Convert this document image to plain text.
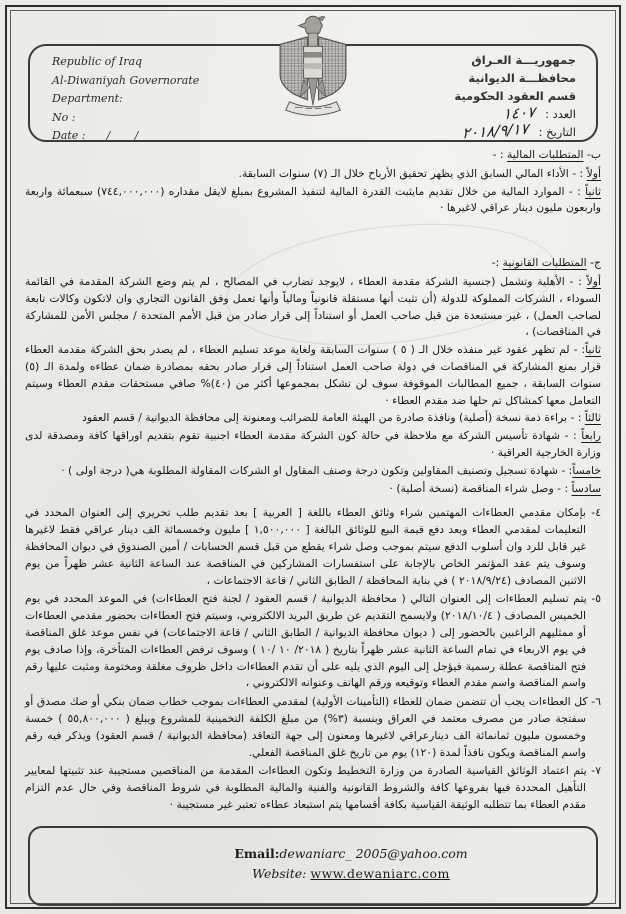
Republic of Iraq
Al-Diwaniyah Governorate
Department:
No :
Date :      /       /
جمهوريـــة العـراق
محافظـــة الديوانية
قسم العقود الحكومية
العدد : ١٤٠٧
التاريخ : ٢٠١٨/٩/١٧

ب- المتطلبات المالية : -

أولاً : - الأداء المالي السابق الذي يظهر تحقيق الأرباح خلال الـ (٧) سنوات السابقة.

ثانياً : - الموارد المالية من خلال تقديم مايثبت القدرة المالية لتنفيذ المشروع بمبلغ لايقل مقداره (٧٤٤,٠٠٠,٠٠٠) سبعمائة واربعة واربعون مليون دينار عراقي لاغيرها ·

ج- المتطلبات القانونية :-

أولاً : - الأهلية وتشمل (جنسية الشركة مقدمة العطاء ، لايوجد تضارب في المصالح ، لم يتم وضع الشركة المقدمة في القائمة السوداء ، الشركات المملوكة للدولة (أن تثبت أنها مستقلة قانونياً ومالياً وأنها تعمل وفق القانون التجاري وان لاتكون وكالات تابعة لصاحب العمل) ، غير مستبعدة من قبل صاحب العمل أو استناداً إلى قرار صادر من قبل الأمم المتحدة / مجلس الأمن للمشاركة في المناقصات) ،

ثانياً: - لم تظهر عقود غير منفذه خلال الـ ( ٥ ) سنوات السابقة ولغاية موعد تسليم العطاء ، لم يصدر بحق الشركة مقدمة العطاء قرار بمنع المشاركة في المناقصات في دولة صاحب العمل استناداً إلى قرار صادر بحقه بمصادرة ضمان عطاءه ولمدة الـ (٥) سنوات السابقة ، جميع المطالبات الموقوفة سوف لن تشكل بمجموعها أكثر من (٤٠)% صافي مستحقات مقدم العطاء وسيتم التعامل معها كمشاكل تم حلها ضد مقدم العطاء ·

ثالثاً : - براءة ذمة نسخة (أصلية) ونافذة صادرة من الهيئة العامة للضرائب ومعنونة إلى محافظة الديوانية / قسم العقود

رابعاً : - شهادة تأسيس الشركة مع ملاحظة في حالة كون الشركة مقدمة العطاء اجنبية تقوم بتقديم اوراقها كافة ومصدقة لدى وزارة الخارجية العراقية ·

خامساً: - شهادة تسجيل وتصنيف المقاولين وتكون درجة وصنف المقاول او الشركات المقاولة المطلوبة هي( درجة اولى ) ·

سادساً : - وصل شراء المناقصة (نسخة أصلية) ·

٤- بإمكان مقدمي العطاءات المهتمين شراء وثائق العطاء باللغة [ العربية ] بعد تقديم طلب تحريري إلى العنوان المحدد في التعليمات لمقدمي العطاء وبعد دفع قيمة البيع للوثائق البالغة [ ١,٥٠٠,٠٠٠ ] مليون وخمسمائة الف دينار عراقي فقط لاغيرها غير قابل للرد وان أسلوب الدفع سيتم بموجب وصل شراء يقطع من قبل قسم الحسابات / أمين الصندوق في ديوان المحافظة وسوف يتم عقد المؤتمر الخاص بالإجابة على استفسارات المشاركين في المناقصة عند الساعة الثانية عشر ظهراً من يوم الاثنين المصادف (٢٠١٨/٩/٢٤ ) في بناية المحافظة / الطابق الثاني / قاعة الاجتماعات ،

٥- يتم تسليم العطاءات إلى العنوان التالي ( محافظة الديوانية / قسم العقود / لجنة فتح العطاءات) في الموعد المحدد في يوم الخميس المصادف ( ٢٠١٨/١٠/٤) ولايسمح التقديم عن طريق البريد الالكتروني، وسيتم فتح العطاءات بحضور مقدمي العطاءات أو ممثليهم الراغبين بالحضور إلى ( ديوان محافظة الديوانية / الطابق الثاني / قاعة الاجتماعات) في نفس موعد غلق المناقصة في يوم الاربعاء في تمام الساعة الثانية عشر ظهراً بتاريخ ( ٢٠١٨/ ١٠ /١٠ ) وسوف ترفض العطاءات المتأخرة، وإذا صادف يوم فتح المناقصة عطلة رسمية فيؤجل إلى اليوم الذي يليه على أن تقدم العطاءات داخل ظروف مغلقة ومختومة ومثبت عليها رقم واسم المناقصة واسم مقدم العطاء وتوقيعه ورقم الهاتف وعنوانه الالكتروني ،

٦- كل العطاءات يجب أن تتضمن ضمان للعطاء (التأمينات الأولية) لمقدمي العطاءات بموجب خطاب ضمان بنكي أو صك مصدق أو سفتجة صادر من مصرف معتمد في العراق وبنسبة (٣%) من مبلغ الكلفة التخمينية للمشروع ويبلغ ( ٥٥,٨٠٠,٠٠٠ ) خمسة وخمسون مليون ثمانمائة الف دينارعراقي لاغيرها ومعنون إلى جهة التعاقد (محافظة الديوانية / قسم العقود) ويذكر فيه رقم واسم المناقصة ويكون نافذاً لمدة (١٢٠) يوم من تاريخ غلق المناقصة الفعلي.

٧- يتم اعتماد الوثائق القياسية الصادرة من وزارة التخطيط وتكون العطاءات المقدمة من المناقصين مستجيبة عند تثبيتها لمعايير التأهيل المحددة فيها بفروعها كافة والشروط القانونية والفنية والمالية المطلوبة في شروط المناقصة وفي حال عدم التزام مقدم العطاء بما تتطلبه الوثيقة القياسية بكافة أقسامها يتم استبعاد عطاءه تعتبر غير مستجيبة ·

Email:dewaniarc_ 2005@yahoo.com
Website: www.dewaniarc.com
